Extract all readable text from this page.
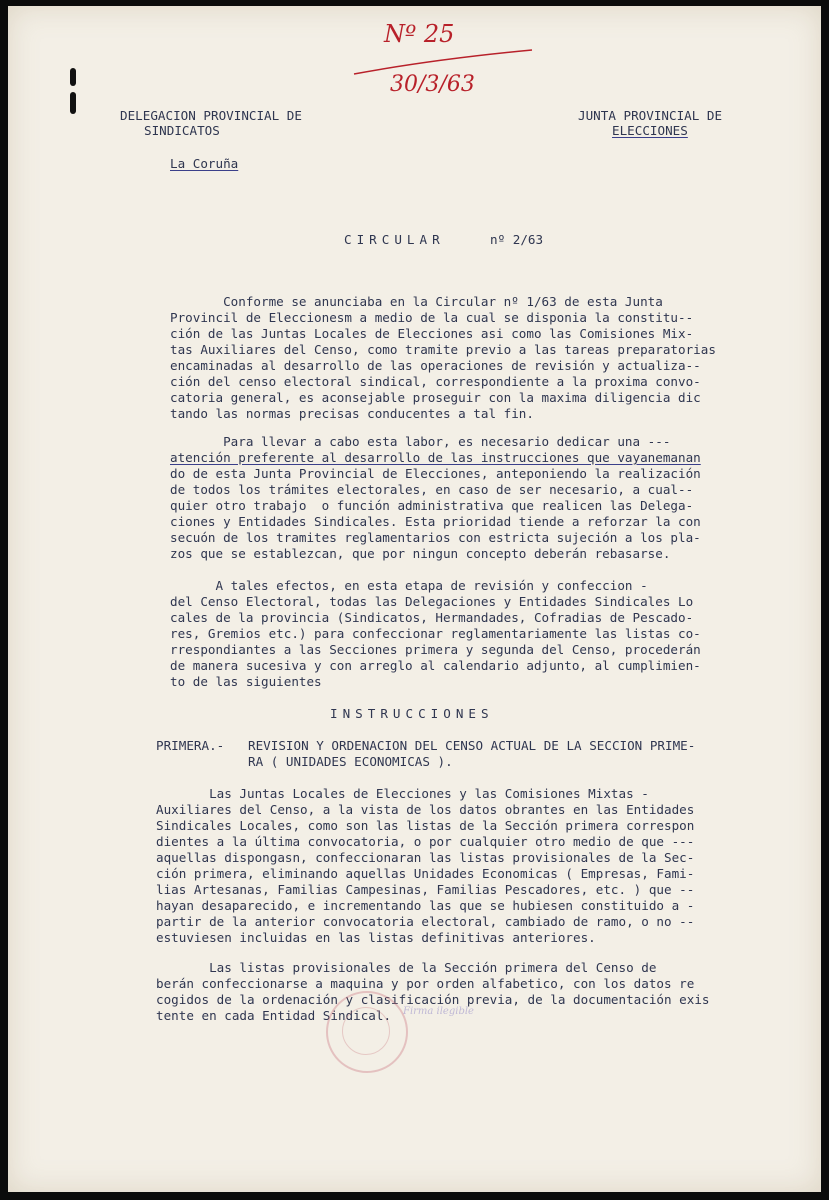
Nº 25
30/3/63
DELEGACION PROVINCIAL DE
SINDICATOS
La Coruña
JUNTA PROVINCIAL DE
ELECCIONES
CIRCULAR	nº 2/63
Conforme se anunciaba en la Circular nº 1/63 de esta Junta
Provincil de Eleccionesm a medio de la cual se disponia la constitu--
ción de las Juntas Locales de Elecciones asi como las Comisiones Mix-
tas Auxiliares del Censo, como tramite previo a las tareas preparatorias
encaminadas al desarrollo de las operaciones de revisión y actualiza--
ción del censo electoral sindical, correspondiente a la proxima convo-
catoria general, es aconsejable proseguir con la maxima diligencia dic
tando las normas precisas conducentes a tal fin.
Para llevar a cabo esta labor, es necesario dedicar una ---
atención preferente al desarrollo de las instrucciones que vayanemanan
do de esta Junta Provincial de Elecciones, anteponiendo la realización
de todos los trámites electorales, en caso de ser necesario, a cual--
quier otro trabajo  o función administrativa que realicen las Delega-
ciones y Entidades Sindicales. Esta prioridad tiende a reforzar la con
secuón de los tramites reglamentarios con estricta sujeción a los pla-
zos que se establezcan, que por ningun concepto deberán rebasarse.
A tales efectos, en esta etapa de revisión y confeccion -
del Censo Electoral, todas las Delegaciones y Entidades Sindicales Lo
cales de la provincia (Sindicatos, Hermandades, Cofradias de Pescado-
res, Gremios etc.) para confeccionar reglamentariamente las listas co-
rrespondiantes a las Secciones primera y segunda del Censo, procederán
de manera sucesiva y con arreglo al calendario adjunto, al cumplimien-
to de las siguientes
INSTRUCCIONES
PRIMERA.- REVISION Y ORDENACION DEL CENSO ACTUAL DE LA SECCION PRIME-
RA ( UNIDADES ECONOMICAS ).
Las Juntas Locales de Elecciones y las Comisiones Mixtas -
Auxiliares del Censo, a la vista de los datos obrantes en las Entidades
Sindicales Locales, como son las listas de la Sección primera correspon
dientes a la última convocatoria, o por cualquier otro medio de que ---
aquellas dispongasn, confeccionaran las listas provisionales de la Sec-
ción primera, eliminando aquellas Unidades Economicas ( Empresas, Fami-
lias Artesanas, Familias Campesinas, Familias Pescadores, etc. ) que --
hayan desaparecido, e incrementando las que se hubiesen constituido a -
partir de la anterior convocatoria electoral, cambiado de ramo, o no --
estuviesen incluidas en las listas definitivas anteriores.
Las listas provisionales de la Sección primera del Censo de
berán confeccionarse a maquina y por orden alfabetico, con los datos re
cogidos de la ordenación y clasificación previa, de la documentación exis
tente en cada Entidad Sindical.	Firma ilegible
